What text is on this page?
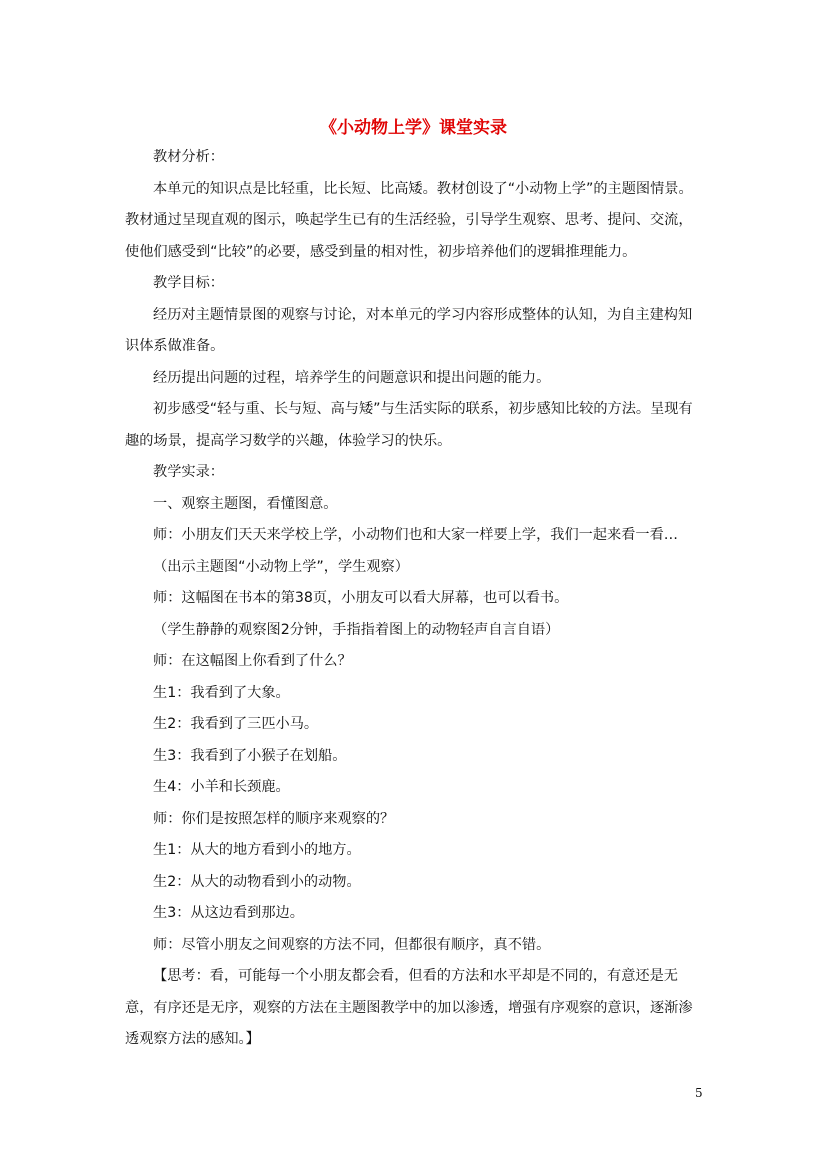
《小动物上学》课堂实录

教材分析：

本单元的知识点是比轻重，比长短、比高矮。教材创设了“小动物上学”的主题图情景。教材通过呈现直观的图示，唤起学生已有的生活经验，引导学生观察、思考、提问、交流，使他们感受到“比较”的必要，感受到量的相对性，初步培养他们的逻辑推理能力。

教学目标：

经历对主题情景图的观察与讨论，对本单元的学习内容形成整体的认知，为自主建构知识体系做准备。

经历提出问题的过程，培养学生的问题意识和提出问题的能力。

初步感受“轻与重、长与短、高与矮”与生活实际的联系，初步感知比较的方法。呈现有趣的场景，提高学习数学的兴趣，体验学习的快乐。

教学实录：

一、观察主题图，看懂图意。

师：小朋友们天天来学校上学，小动物们也和大家一样要上学，我们一起来看一看…

（出示主题图“小动物上学”，学生观察）

师：这幅图在书本的第38页，小朋友可以看大屏幕，也可以看书。

（学生静静的观察图2分钟，手指指着图上的动物轻声自言自语）

师：在这幅图上你看到了什么？

生1：我看到了大象。

生2：我看到了三匹小马。

生3：我看到了小猴子在划船。

生4：小羊和长颈鹿。

师：你们是按照怎样的顺序来观察的？

生1：从大的地方看到小的地方。

生2：从大的动物看到小的动物。

生3：从这边看到那边。

师：尽管小朋友之间观察的方法不同，但都很有顺序，真不错。

【思考：看，可能每一个小朋友都会看，但看的方法和水平却是不同的，有意还是无意，有序还是无序，观察的方法在主题图教学中的加以渗透，增强有序观察的意识，逐渐渗透观察方法的感知。】

5
